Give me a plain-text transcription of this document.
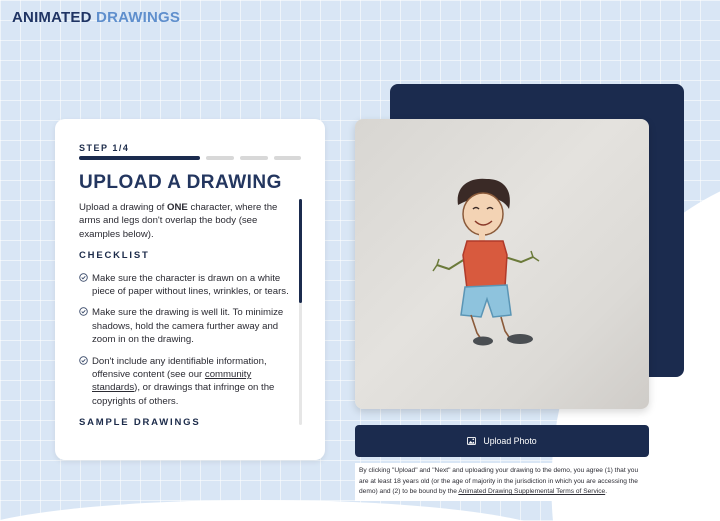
ANIMATED DRAWINGS
STEP 1/4
UPLOAD A DRAWING

Upload a drawing of ONE character, where the arms and legs don't overlap the body (see examples below).

CHECKLIST
Make sure the character is drawn on a white piece of paper without lines, wrinkles, or tears.
Make sure the drawing is well lit. To minimize shadows, hold the camera further away and zoom in on the drawing.
Don't include any identifiable information, offensive content (see our community standards), or drawings that infringe on the copyrights of others.
SAMPLE DRAWINGS
Upload Photo
By clicking "Upload" and "Next" and uploading your drawing to the demo, you agree (1) that you are at least 18 years old (or the age of majority in the jurisdiction in which you are accessing the demo) and (2) to be bound by the Animated Drawing Supplemental Terms of Service.
